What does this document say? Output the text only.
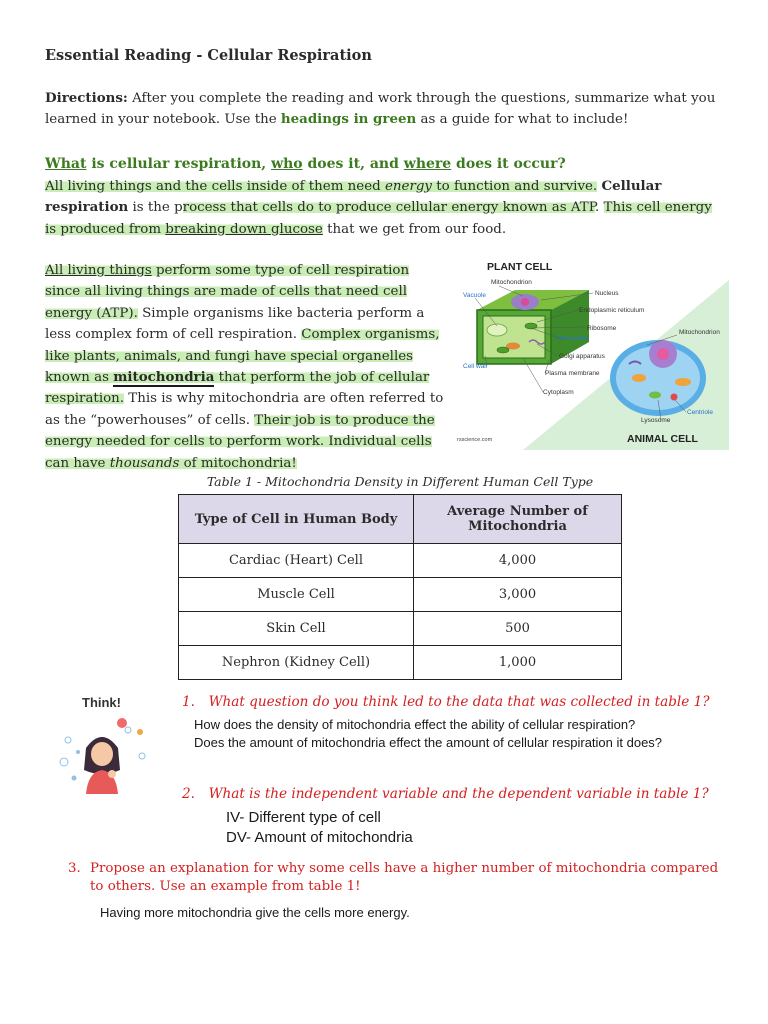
Essential Reading - Cellular Respiration
Directions: After you complete the reading and work through the questions, summarize what you learned in your notebook. Use the headings in green as a guide for what to include!
What is cellular respiration, who does it, and where does it occur?
All living things and the cells inside of them need energy to function and survive. Cellular respiration is the process that cells do to produce cellular energy known as ATP. This cell energy is produced from breaking down glucose that we get from our food.
All living things perform some type of cell respiration since all living things are made of cells that need cell energy (ATP). Simple organisms like bacteria perform a less complex form of cell respiration. Complex organisms, like plants, animals, and fungi have special organelles known as mitochondria that perform the job of cellular respiration. This is why mitochondria are often referred to as the “powerhouses” of cells. Their job is to produce the energy needed for cells to perform work. Individual cells can have thousands of mitochondria!
PLANT CELL
Mitochondrion
Vacuole	Nucleus
Endoplasmic reticulum
Ribosome
Mitochondrion
Chloroplast
Golgi apparatus
Cell wall
Plasma membrane
Cytoplasm
Centriole
Lysosome
ANIMAL CELL
rsscience.com
Table 1 - Mitochondria Density in Different Human Cell Type
Type of Cell in Human Body	Average Number of Mitochondria
Cardiac (Heart) Cell	4,000
Muscle Cell	3,000
Skin Cell	500
Nephron (Kidney Cell)	1,000
Think!	1. What question do you think led to the data that was collected in table 1?
How does the density of mitochondria effect the ability of cellular respiration?
Does the amount of mitochondria effect the amount of cellular respiration it does?
2. What is the independent variable and the dependent variable in table 1?
IV- Different type of cell
DV- Amount of mitochondria
3. Propose an explanation for why some cells have a higher number of mitochondria compared to others. Use an example from table 1!
Having more mitochondria give the cells more energy.
